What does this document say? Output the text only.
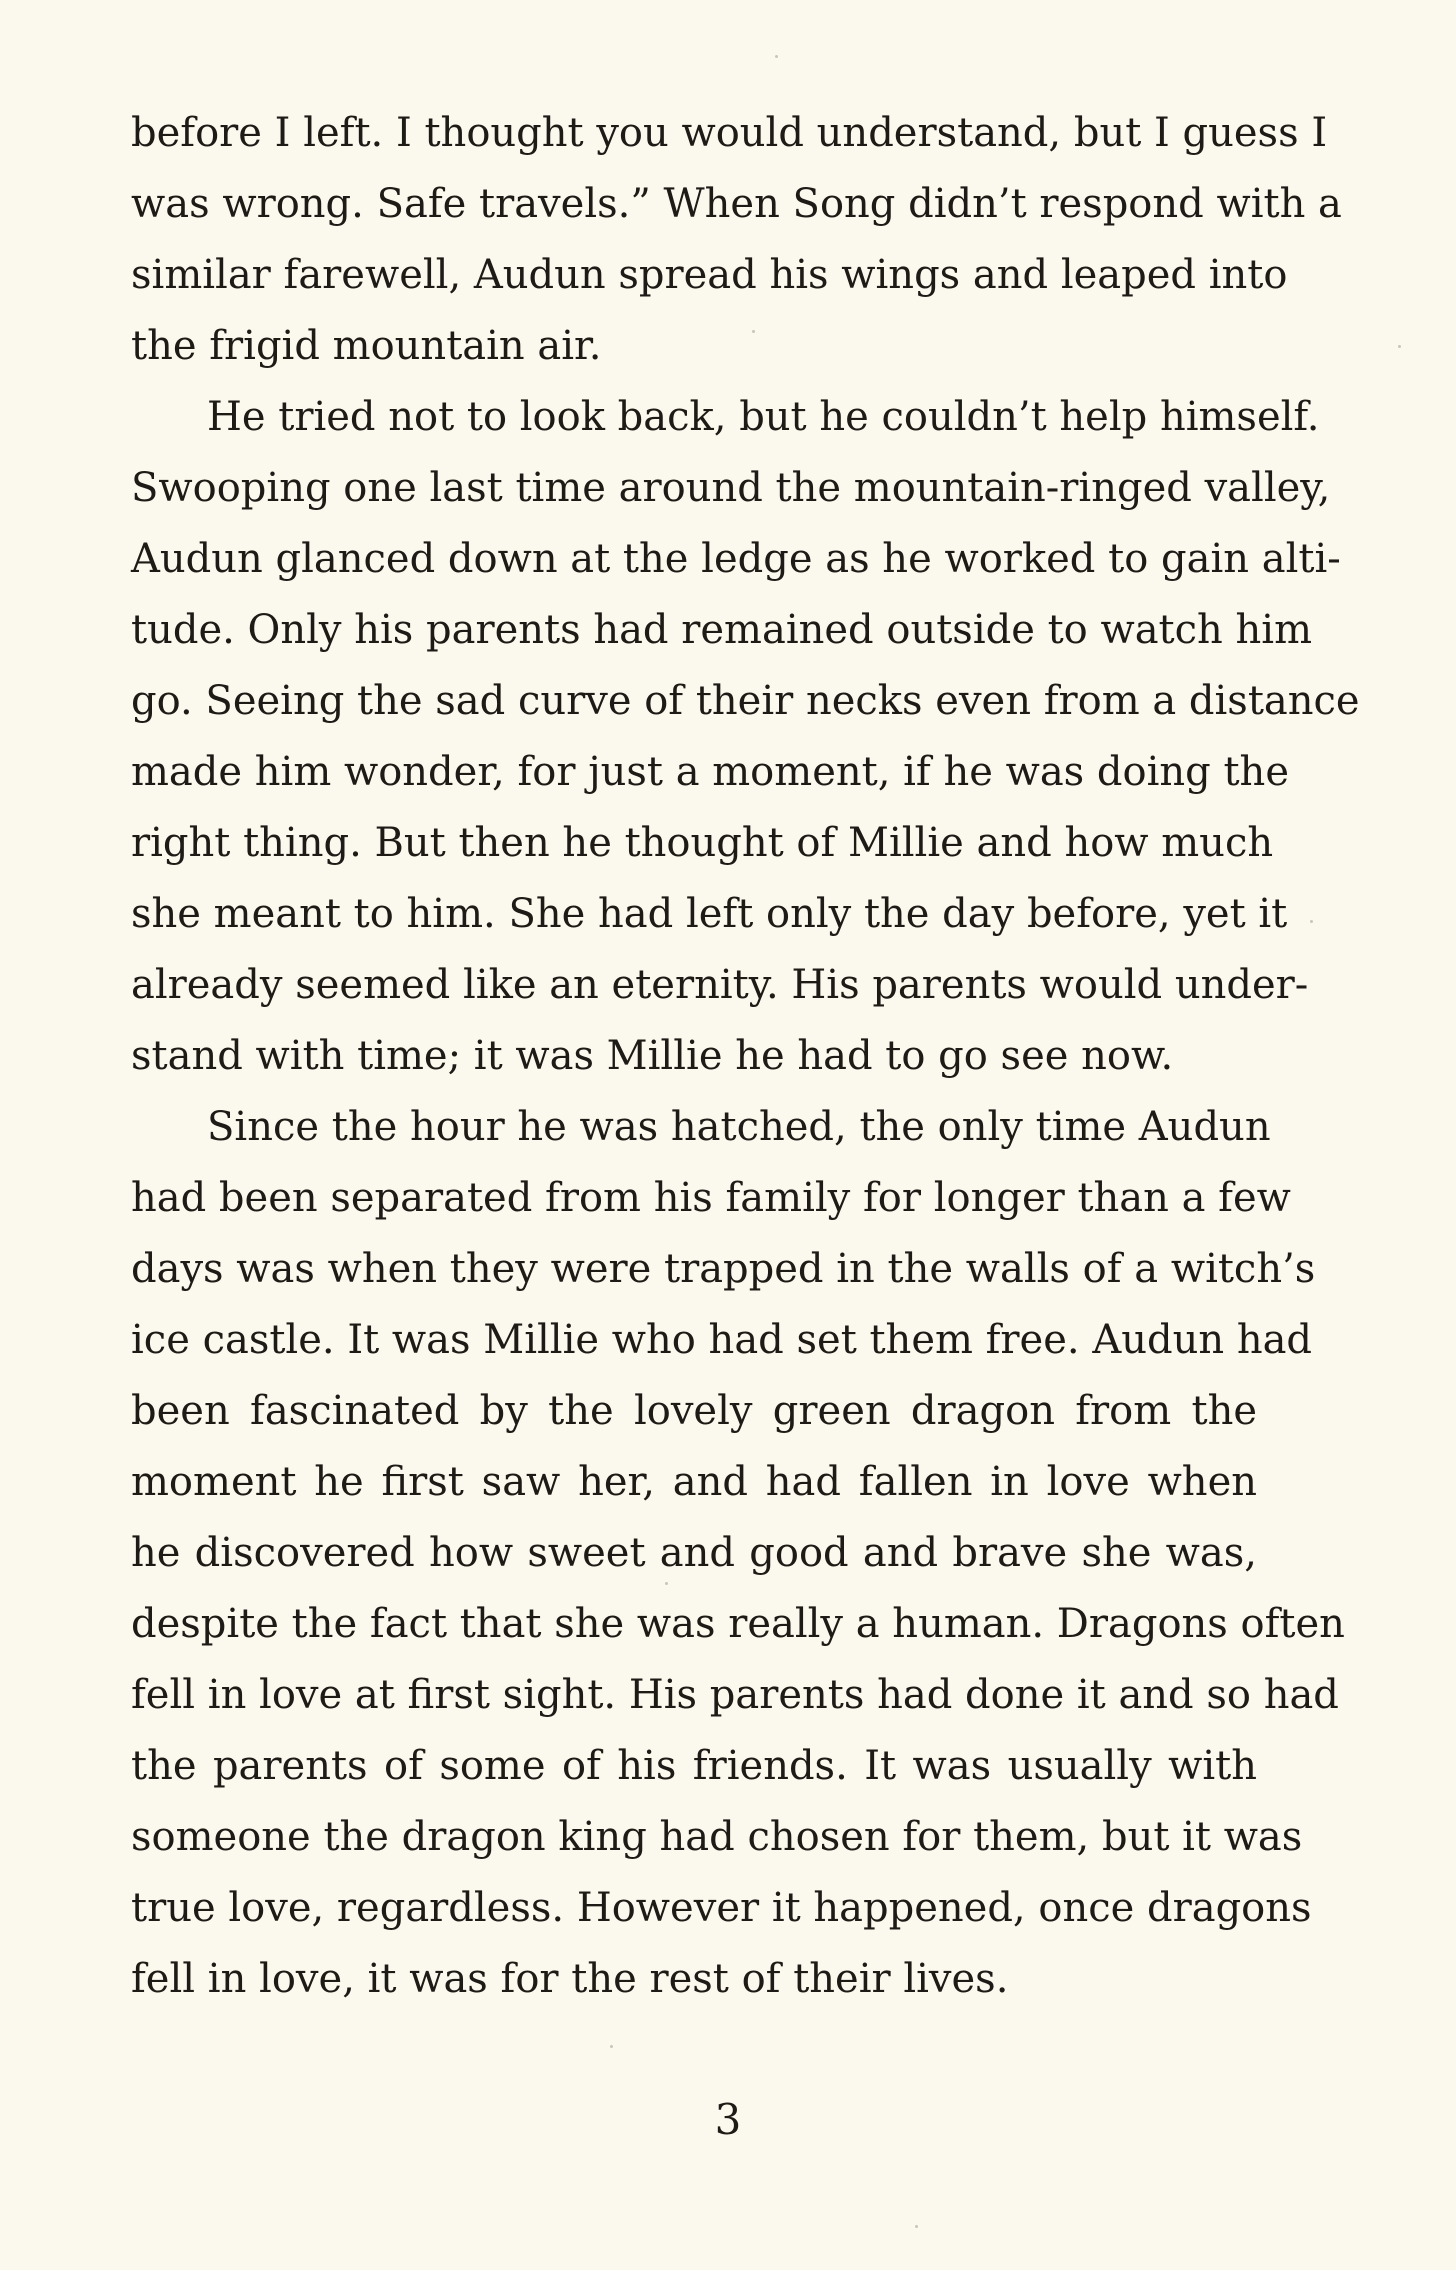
before I left. I thought you would understand, but I guess I
was wrong. Safe travels.” When Song didn’t respond with a
similar farewell, Audun spread his wings and leaped into
the frigid mountain air.
He tried not to look back, but he couldn’t help himself.
Swooping one last time around the mountain-ringed valley,
Audun glanced down at the ledge as he worked to gain alti-
tude. Only his parents had remained outside to watch him
go. Seeing the sad curve of their necks even from a distance
made him wonder, for just a moment, if he was doing the
right thing. But then he thought of Millie and how much
she meant to him. She had left only the day before, yet it
already seemed like an eternity. His parents would under-
stand with time; it was Millie he had to go see now.
Since the hour he was hatched, the only time Audun
had been separated from his family for longer than a few
days was when they were trapped in the walls of a witch’s
ice castle. It was Millie who had set them free. Audun had
been fascinated by the lovely green dragon from the
moment he first saw her, and had fallen in love when
he discovered how sweet and good and brave she was,
despite the fact that she was really a human. Dragons often
fell in love at first sight. His parents had done it and so had
the parents of some of his friends. It was usually with
someone the dragon king had chosen for them, but it was
true love, regardless. However it happened, once dragons
fell in love, it was for the rest of their lives.
3
